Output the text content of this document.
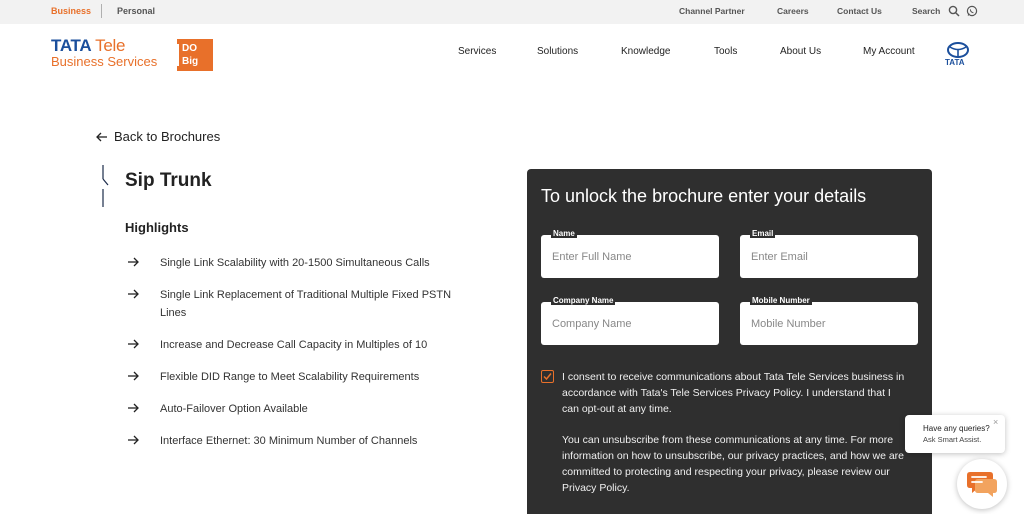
Business	Personal	Channel Partner	Careers	Contact Us	Search
TATA Tele
Business Services
DO
Big
Services	Solutions	Knowledge	Tools	About Us	My Account
TATA
Back to Brochures
Sip Trunk
Highlights
Single Link Scalability with 20-1500 Simultaneous Calls
Single Link Replacement of Traditional Multiple Fixed PSTN Lines
Increase and Decrease Call Capacity in Multiples of 10
Flexible DID Range to Meet Scalability Requirements
Auto-Failover Option Available
Interface Ethernet: 30 Minimum Number of Channels
To unlock the brochure enter your details
Enter Full Name
Name
Enter Email	Email
Company Name
Company Name
Mobile Number	Mobile Number
I consent to receive communications about Tata Tele Services business in accordance with Tata's Tele Services Privacy Policy. I understand that I can opt-out at any time.
You can unsubscribe from these communications at any time. For more information on how to unsubscribe, our privacy practices, and how we are committed to protecting and respecting your privacy, please review our Privacy Policy.
Have any queries?
Ask Smart Assist.
×
